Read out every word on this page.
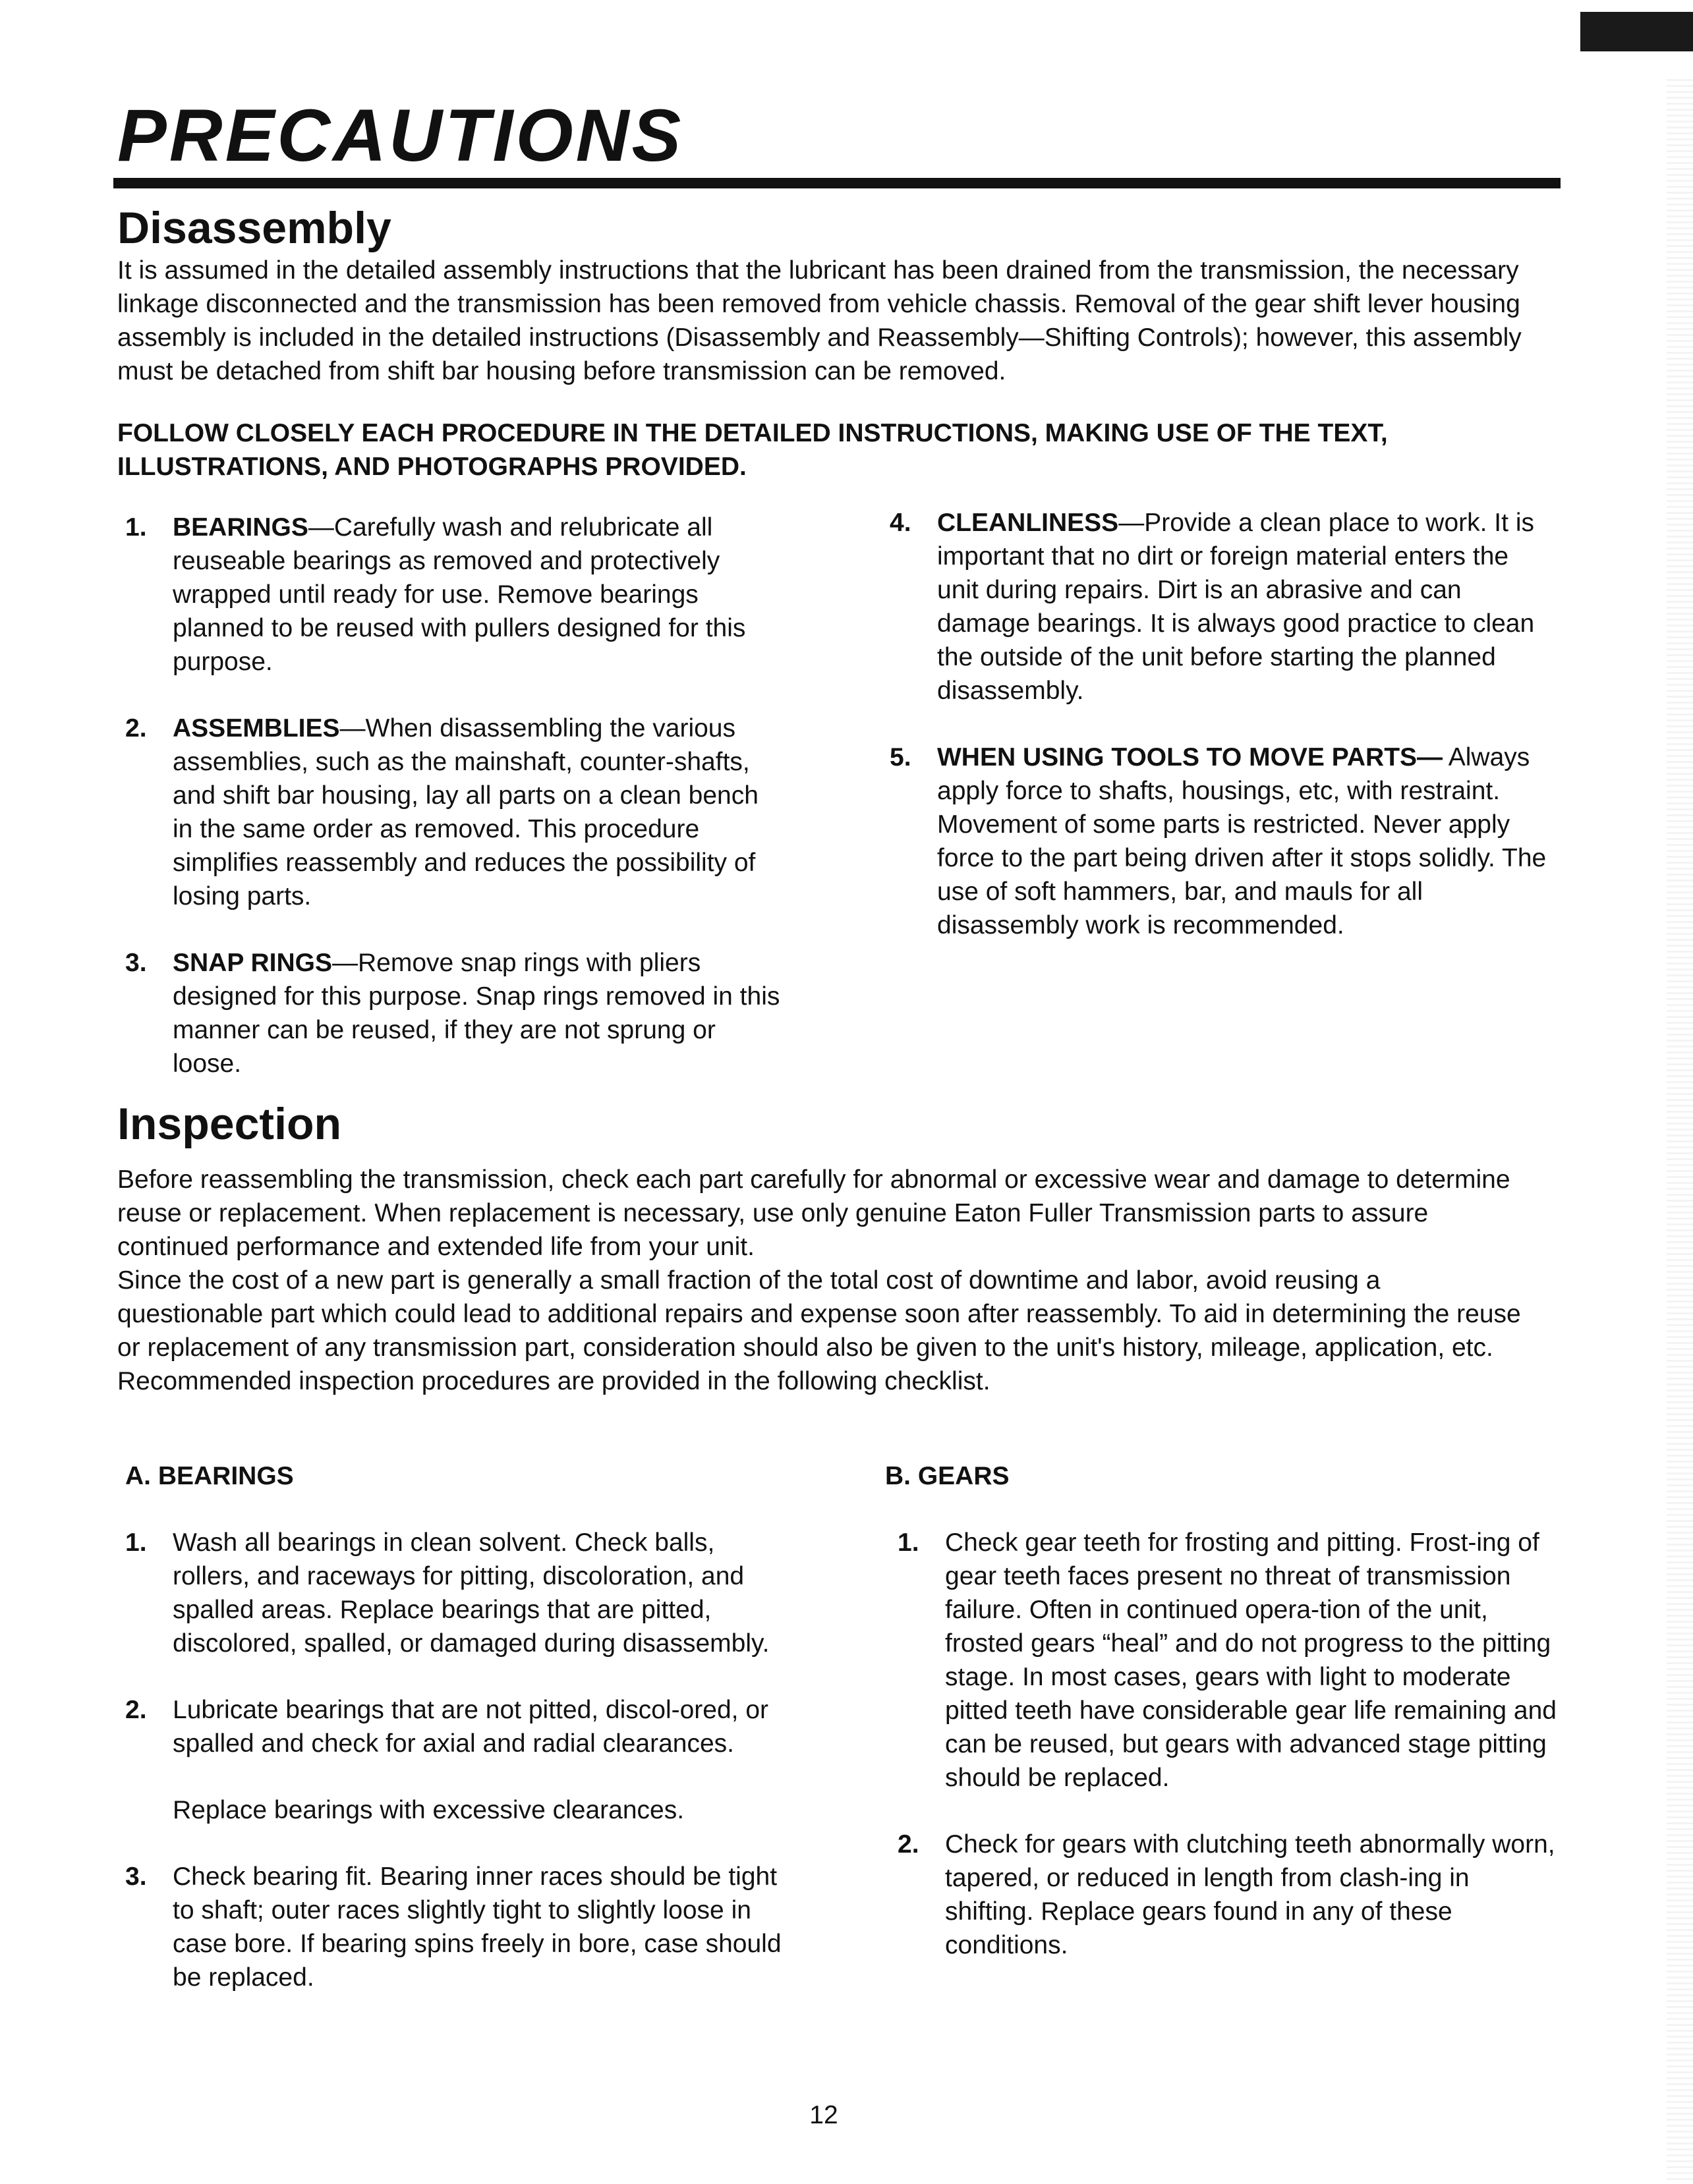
PRECAUTIONS
Disassembly

It is assumed in the detailed assembly instructions that the lubricant has been drained from the transmission, the necessary linkage disconnected and the transmission has been removed from vehicle chassis. Removal of the gear shift lever housing assembly is included in the detailed instructions (Disassembly and Reassembly—Shifting Controls); however, this assembly must be detached from shift bar housing before transmission can be removed.

FOLLOW CLOSELY EACH PROCEDURE IN THE DETAILED INSTRUCTIONS, MAKING USE OF THE TEXT, ILLUSTRATIONS, AND PHOTOGRAPHS PROVIDED.

1. BEARINGS—Carefully wash and relubricate all reuseable bearings as removed and protectively wrapped until ready for use. Remove bearings planned to be reused with pullers designed for this purpose.
2. ASSEMBLIES—When disassembling the various assemblies, such as the mainshaft, counter-shafts, and shift bar housing, lay all parts on a clean bench in the same order as removed. This procedure simplifies reassembly and reduces the possibility of losing parts.
3. SNAP RINGS—Remove snap rings with pliers designed for this purpose. Snap rings removed in this manner can be reused, if they are not sprung or loose.
4. CLEANLINESS—Provide a clean place to work. It is important that no dirt or foreign material enters the unit during repairs. Dirt is an abrasive and can damage bearings. It is always good practice to clean the outside of the unit before starting the planned disassembly.
5. WHEN USING TOOLS TO MOVE PARTS— Always apply force to shafts, housings, etc, with restraint. Movement of some parts is restricted. Never apply force to the part being driven after it stops solidly. The use of soft hammers, bar, and mauls for all disassembly work is recommended.
Inspection

Before reassembling the transmission, check each part carefully for abnormal or excessive wear and damage to determine reuse or replacement. When replacement is necessary, use only genuine Eaton Fuller Transmission parts to assure continued performance and extended life from your unit.

Since the cost of a new part is generally a small fraction of the total cost of downtime and labor, avoid reusing a questionable part which could lead to additional repairs and expense soon after reassembly. To aid in determining the reuse or replacement of any transmission part, consideration should also be given to the unit's history, mileage, application, etc.

Recommended inspection procedures are provided in the following checklist.

A. BEARINGS
1. Wash all bearings in clean solvent. Check balls, rollers, and raceways for pitting, discoloration, and spalled areas. Replace bearings that are pitted, discolored, spalled, or damaged during disassembly.
2. Lubricate bearings that are not pitted, discol-ored, or spalled and check for axial and radial clearances.
Replace bearings with excessive clearances.
3. Check bearing fit. Bearing inner races should be tight to shaft; outer races slightly tight to slightly loose in case bore. If bearing spins freely in bore, case should be replaced.
B. GEARS
1. Check gear teeth for frosting and pitting. Frost-ing of gear teeth faces present no threat of transmission failure. Often in continued opera-tion of the unit, frosted gears “heal” and do not progress to the pitting stage. In most cases, gears with light to moderate pitted teeth have considerable gear life remaining and can be reused, but gears with advanced stage pitting should be replaced.
2. Check for gears with clutching teeth abnormally worn, tapered, or reduced in length from clash-ing in shifting. Replace gears found in any of these conditions.
12
